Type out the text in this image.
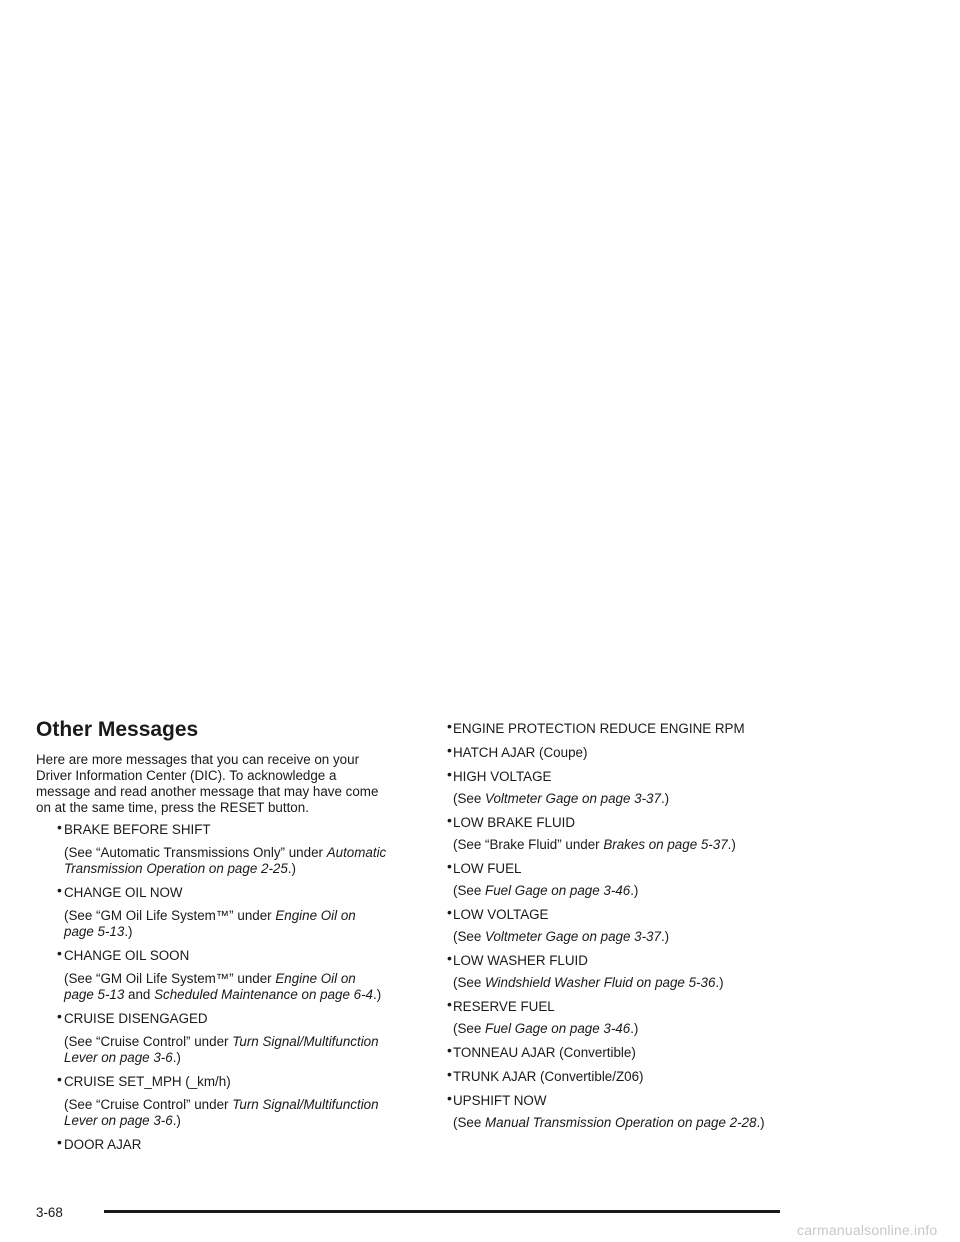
Other Messages

Here are more messages that you can receive on your Driver Information Center (DIC). To acknowledge a message and read another message that may have come on at the same time, press the RESET button.

• BRAKE BEFORE SHIFT
(See “Automatic Transmissions Only” under Automatic Transmission Operation on page 2-25.)
• CHANGE OIL NOW
(See “GM Oil Life System™” under Engine Oil on page 5-13.)
• CHANGE OIL SOON
(See “GM Oil Life System™” under Engine Oil on page 5-13 and Scheduled Maintenance on page 6-4.)
• CRUISE DISENGAGED
(See “Cruise Control” under Turn Signal/Multifunction Lever on page 3-6.)
• CRUISE SET_MPH (_km/h)
(See “Cruise Control” under Turn Signal/Multifunction Lever on page 3-6.)
• DOOR AJAR
• ENGINE PROTECTION REDUCE ENGINE RPM
• HATCH AJAR (Coupe)
• HIGH VOLTAGE
(See Voltmeter Gage on page 3-37.)
• LOW BRAKE FLUID
(See “Brake Fluid” under Brakes on page 5-37.)
• LOW FUEL
(See Fuel Gage on page 3-46.)
• LOW VOLTAGE
(See Voltmeter Gage on page 3-37.)
• LOW WASHER FLUID
(See Windshield Washer Fluid on page 5-36.)
• RESERVE FUEL
(See Fuel Gage on page 3-46.)
• TONNEAU AJAR (Convertible)
• TRUNK AJAR (Convertible/Z06)
• UPSHIFT NOW
(See Manual Transmission Operation on page 2-28.)
3-68
carmanualsonline.info
